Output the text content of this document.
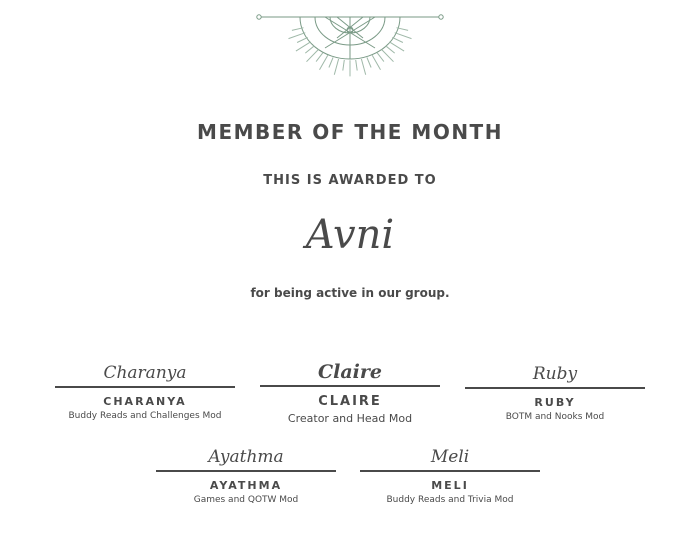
MEMBER OF THE MONTH
THIS IS AWARDED TO
Avni
for being active in our group.
Charanya
CHARANYA
Buddy Reads and Challenges Mod
Claire
CLAIRE
Creator and Head Mod
Ruby
RUBY
BOTM and Nooks Mod
Ayathma
AYATHMA
Games and QOTW Mod
Meli
MELI
Buddy Reads and Trivia Mod
